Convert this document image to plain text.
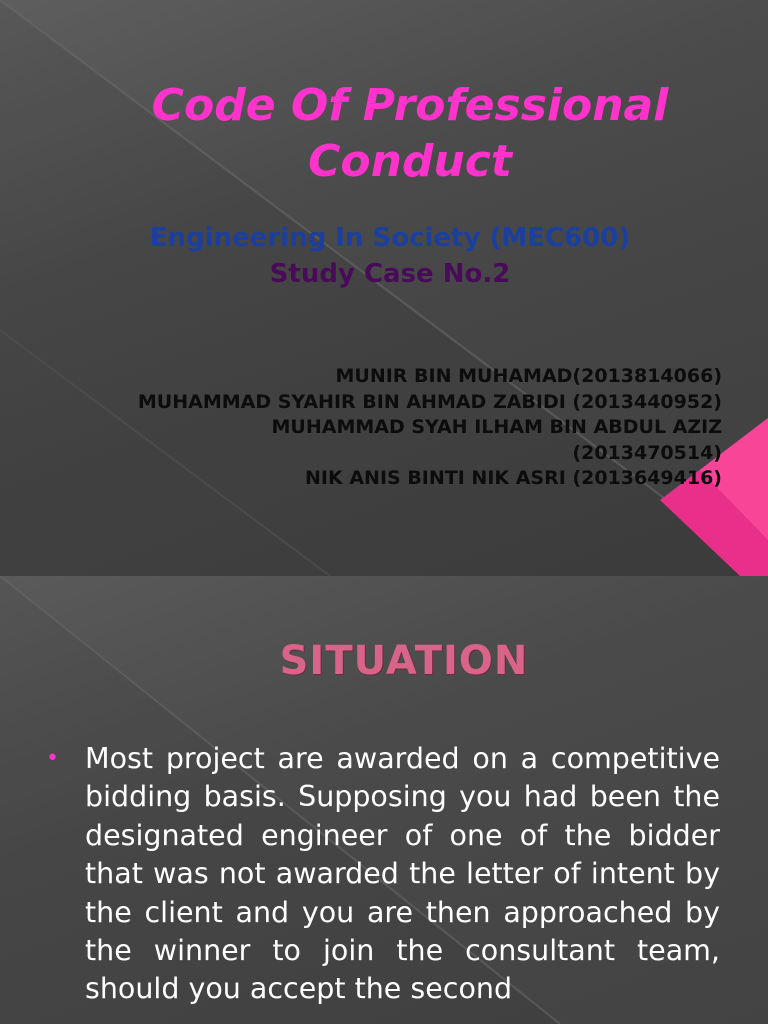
Code Of Professional Conduct
Engineering In Society (MEC600)
Study Case No.2
MUNIR BIN MUHAMAD(2013814066)
MUHAMMAD SYAHIR BIN AHMAD ZABIDI (2013440952)
MUHAMMAD SYAH ILHAM BIN ABDUL AZIZ
(2013470514)
NIK ANIS BINTI NIK ASRI (2013649416)
SITUATION
• Most project are awarded on a competitive bidding basis. Supposing you had been the designated engineer of one of the bidder that was not awarded the letter of intent by the client and you are then approached by the winner to join the consultant team, should you accept the second
